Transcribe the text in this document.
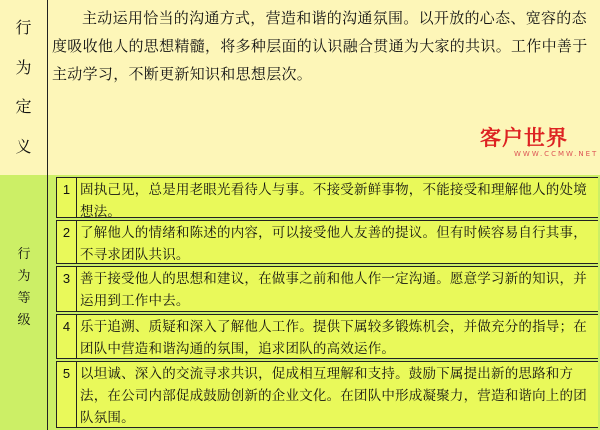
行
为
定
义

主动运用恰当的沟通方式，营造和谐的沟通氛围。以开放的心态、宽容的态度吸收他人的思想精髓，将多种层面的认识融合贯通为大家的共识。工作中善于主动学习，不断更新知识和思想层次。

客户世界
WWW.CCMW.NET
行
为
等
级
1 固执己见，总是用老眼光看待人与事。不接受新鲜事物，不能接受和理解他人的处境想法。
2 了解他人的情绪和陈述的内容，可以接受他人友善的提议。但有时候容易自行其事，不寻求团队共识。
3 善于接受他人的思想和建议，在做事之前和他人作一定沟通。愿意学习新的知识，并运用到工作中去。
4 乐于追溯、质疑和深入了解他人工作。提供下属较多锻炼机会，并做充分的指导；在团队中营造和谐沟通的氛围，追求团队的高效运作。
5 以坦诚、深入的交流寻求共识，促成相互理解和支持。鼓励下属提出新的思路和方法，在公司内部促成鼓励创新的企业文化。在团队中形成凝聚力，营造和谐向上的团队氛围。
